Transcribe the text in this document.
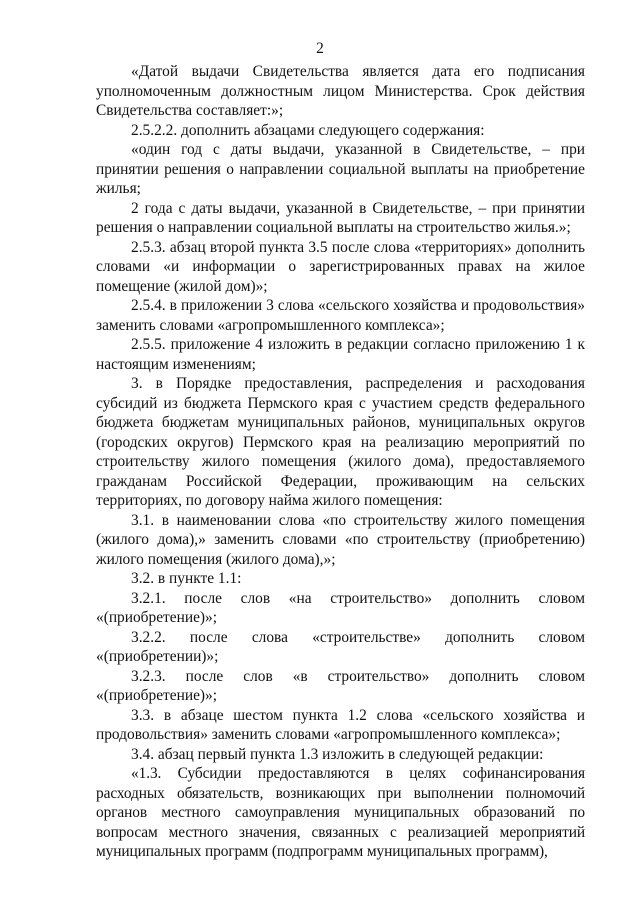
2

«Датой выдачи Свидетельства является дата его подписания уполномоченным должностным лицом Министерства. Срок действия Свидетельства составляет:»;

2.5.2.2. дополнить абзацами следующего содержания:

«один год с даты выдачи, указанной в Свидетельстве, – при принятии решения о направлении социальной выплаты на приобретение жилья;

2 года с даты выдачи, указанной в Свидетельстве, – при принятии решения о направлении социальной выплаты на строительство жилья.»;

2.5.3. абзац второй пункта 3.5 после слова «территориях» дополнить словами «и информации о зарегистрированных правах на жилое помещение (жилой дом)»;

2.5.4. в приложении 3 слова «сельского хозяйства и продовольствия» заменить словами «агропромышленного комплекса»;

2.5.5. приложение 4 изложить в редакции согласно приложению 1 к настоящим изменениям;

3. в Порядке предоставления, распределения и расходования субсидий из бюджета Пермского края с участием средств федерального бюджета бюджетам муниципальных районов, муниципальных округов (городских округов) Пермского края на реализацию мероприятий по строительству жилого помещения (жилого дома), предоставляемого гражданам Российской Федерации, проживающим на сельских территориях, по договору найма жилого помещения:

3.1. в наименовании слова «по строительству жилого помещения (жилого дома),» заменить словами «по строительству (приобретению) жилого помещения (жилого дома),»;

3.2. в пункте 1.1:

3.2.1. после слов «на строительство» дополнить словом «(приобретение)»;

3.2.2. после слова «строительстве» дополнить словом «(приобретении)»;

3.2.3. после слов «в строительство» дополнить словом «(приобретение)»;

3.3. в абзаце шестом пункта 1.2 слова «сельского хозяйства и продовольствия» заменить словами «агропромышленного комплекса»;

3.4. абзац первый пункта 1.3 изложить в следующей редакции:

«1.3. Субсидии предоставляются в целях софинансирования расходных обязательств, возникающих при выполнении полномочий органов местного самоуправления муниципальных образований по вопросам местного значения, связанных с реализацией мероприятий муниципальных программ (подпрограмм муниципальных программ),
